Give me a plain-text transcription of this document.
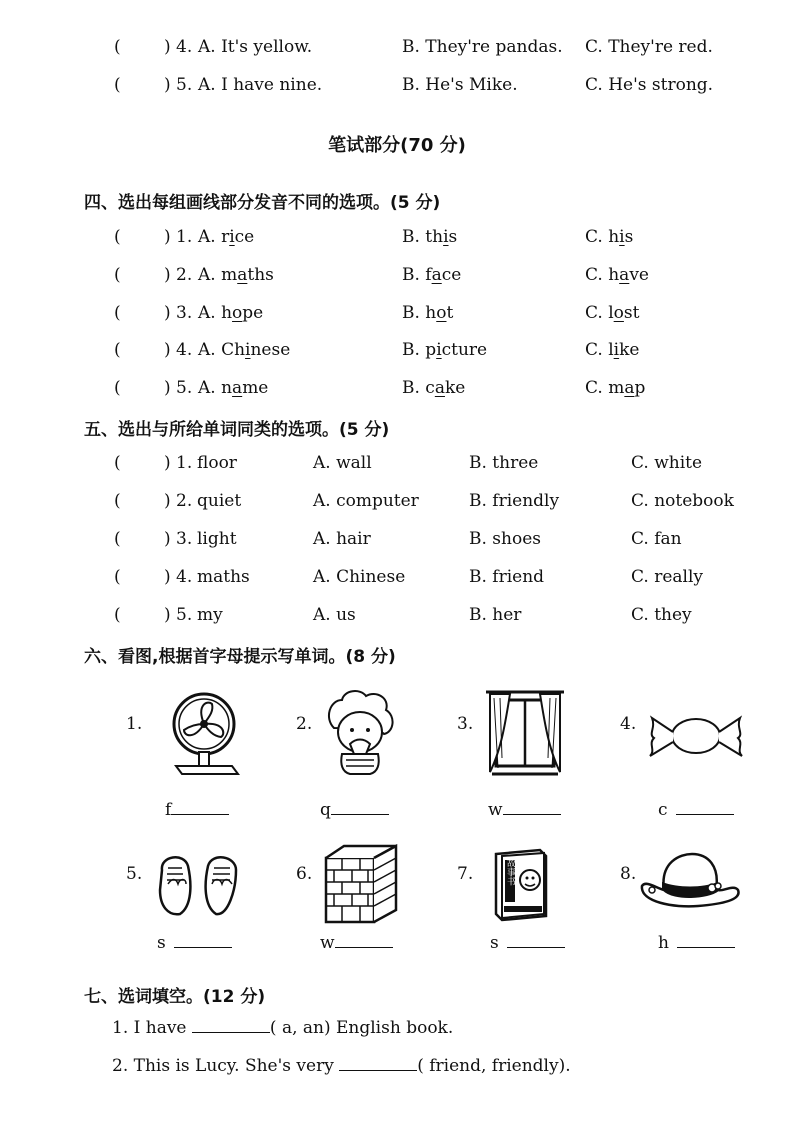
(	) 4. A. It's yellow.	B. They're pandas. C. They're red.
(	) 5. A. I have nine.	B. He's Mike.	C. He's strong.
笔试部分(70 分)
四、选出每组画线部分发音不同的选项。(5 分)
(	) 1. A. rice	B. this	C. his
(	) 2. A. maths	B. face	C. have
(	) 3. A. hope	B. hot	C. lost
(	) 4. A. Chinese	B. picture	C. like
(	) 5. A. name	B. cake	C. map
五、选出与所给单词同类的选项。(5 分)
(	) 1. floor	A. wall	B. three	C. white
(	) 2. quiet	A. computer	B. friendly	C. notebook
(	) 3. light	A. hair	B. shoes	C. fan
(	) 4. maths	A. Chinese	B. friend	C. really
(	) 5. my	A. us	B. her	C. they
六、看图,根据首字母提示写单词。(8 分)
1.	2.	3.	4.
f	q	w	c
5.	6.	7.	8.
故事书
s	w	s	h
七、选词填空。(12 分)
1. I have	( a, an) English book.
2. This is Lucy. She's very	( friend, friendly).
